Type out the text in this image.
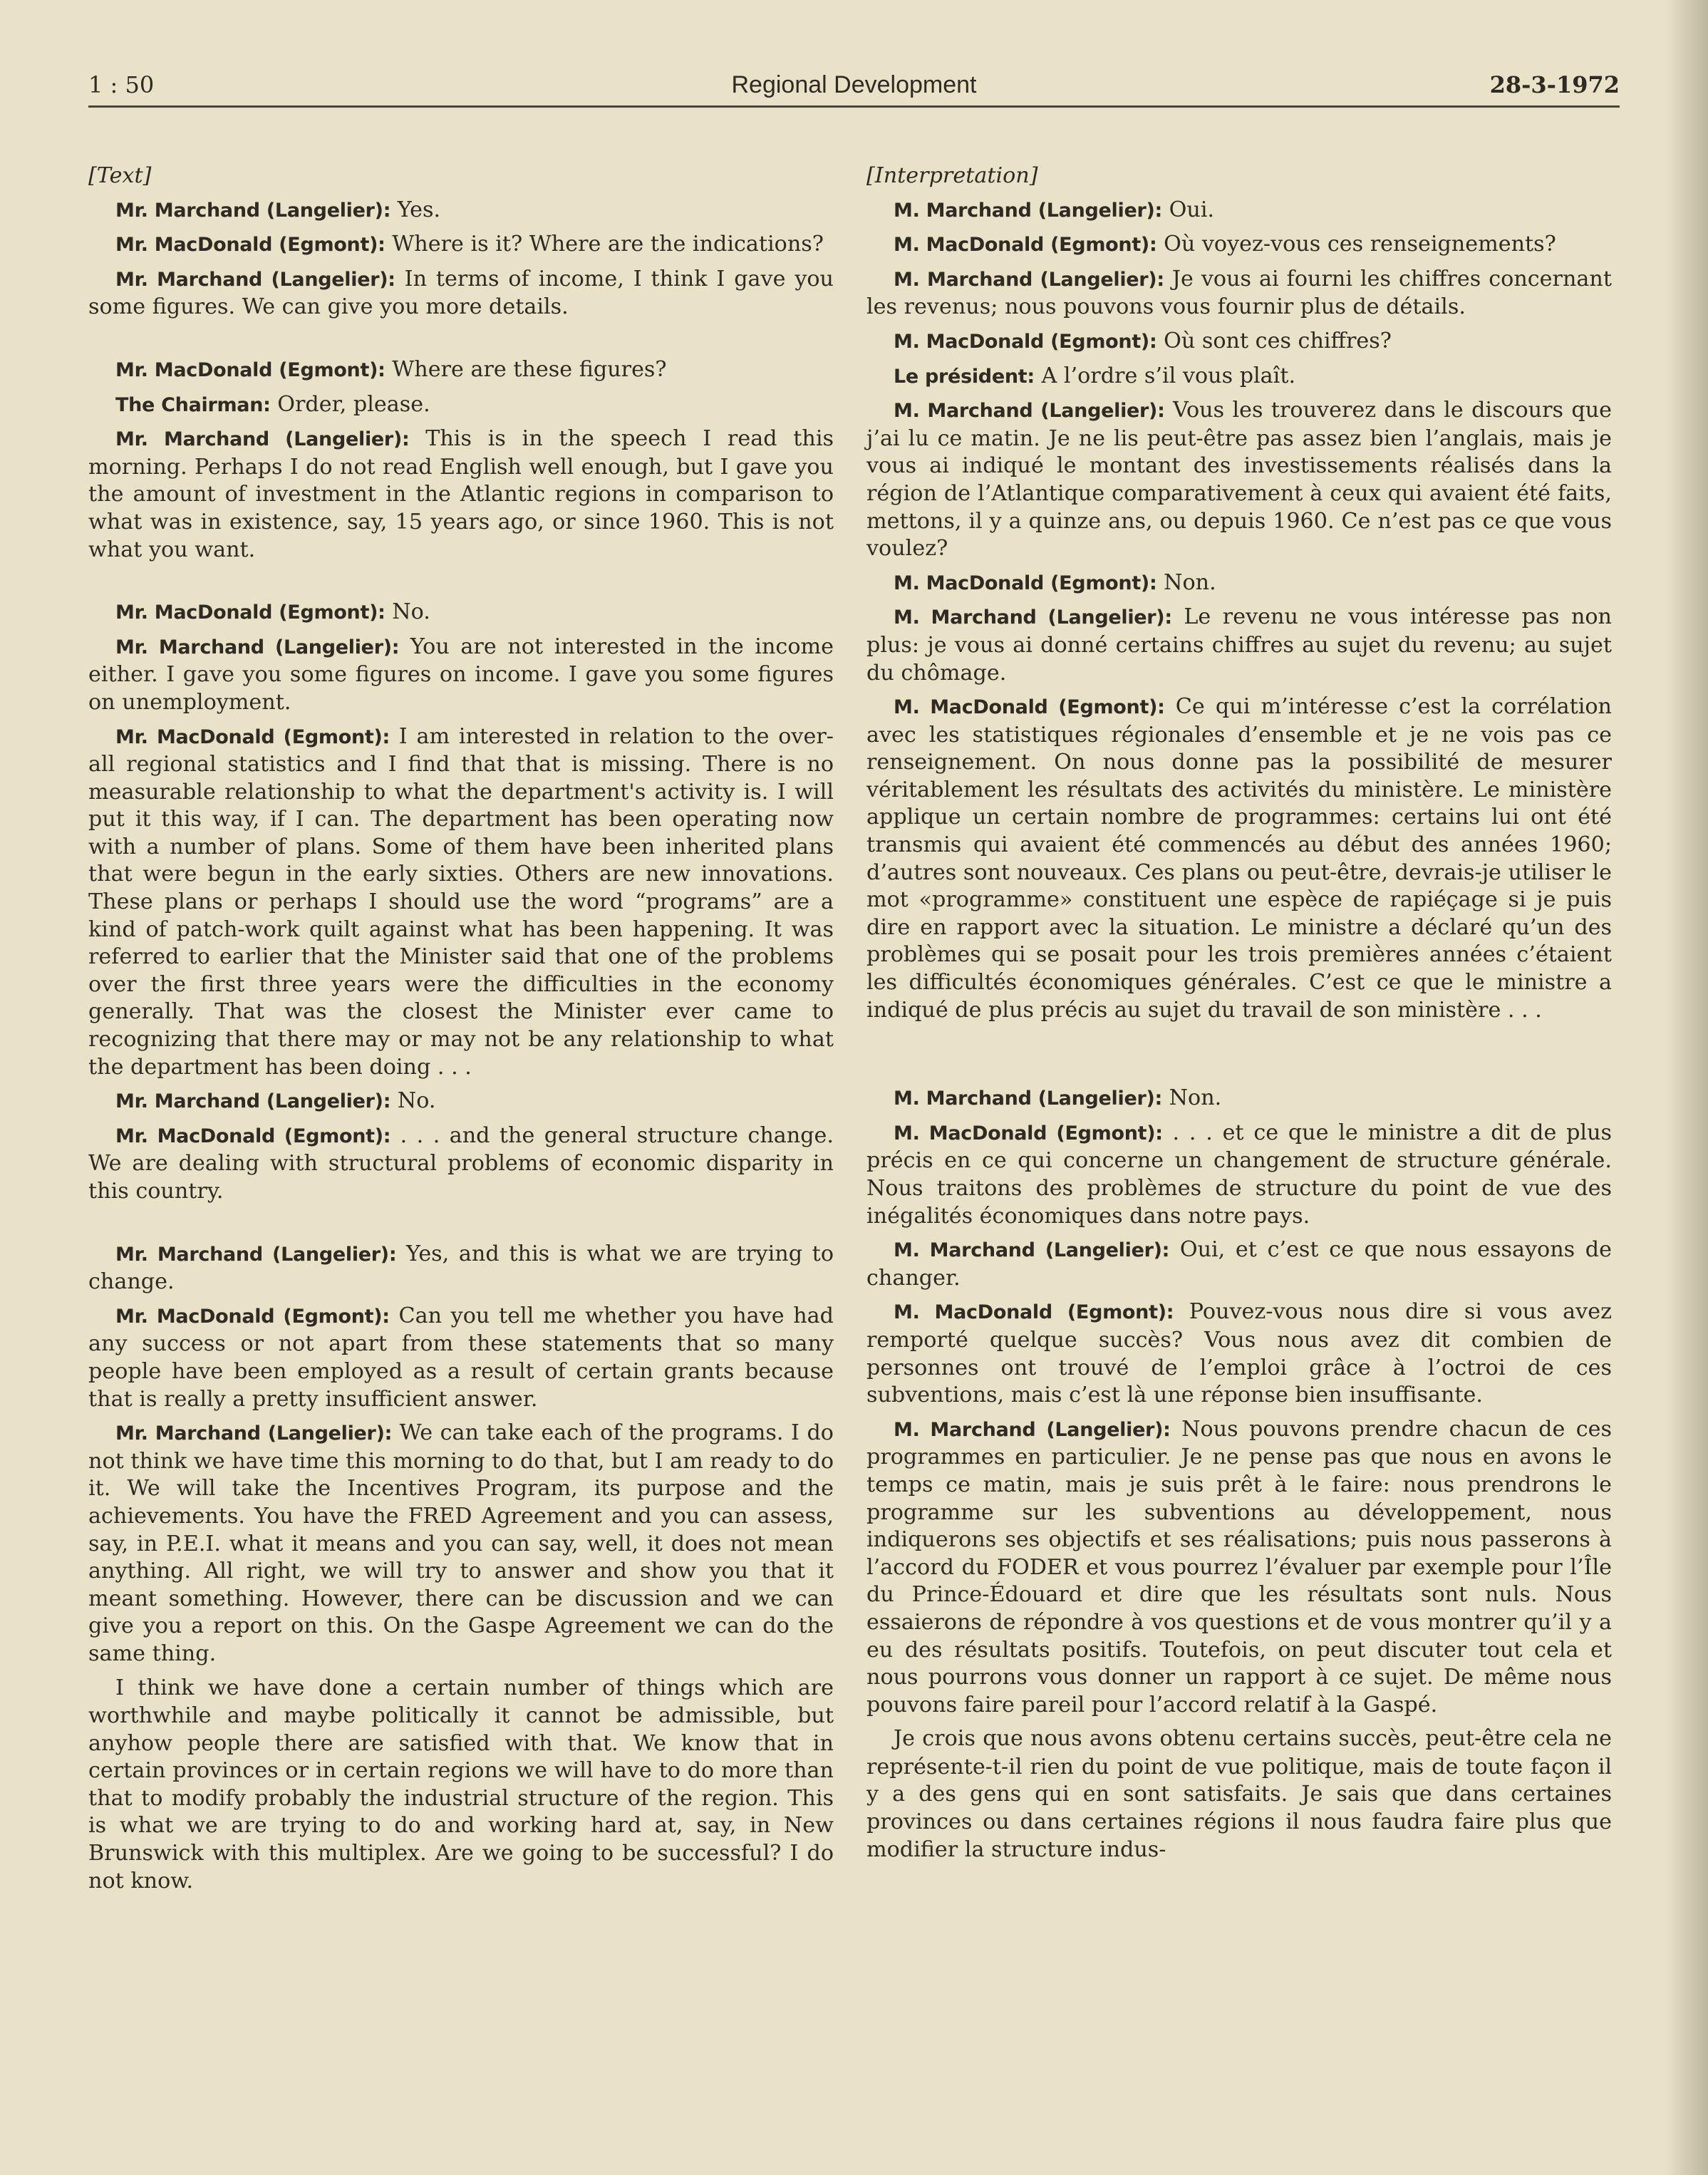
1 : 50	Regional Development	28-3-1972

[Text]

Mr. Marchand (Langelier): Yes.

Mr. MacDonald (Egmont): Where is it? Where are the indications?

Mr. Marchand (Langelier): In terms of income, I think I gave you some figures. We can give you more details.

Mr. MacDonald (Egmont): Where are these figures?

The Chairman: Order, please.

Mr. Marchand (Langelier): This is in the speech I read this morning. Perhaps I do not read English well enough, but I gave you the amount of investment in the Atlantic regions in comparison to what was in existence, say, 15 years ago, or since 1960. This is not what you want.

Mr. MacDonald (Egmont): No.

Mr. Marchand (Langelier): You are not interested in the income either. I gave you some figures on income. I gave you some figures on unemployment.

Mr. MacDonald (Egmont): I am interested in relation to the over-all regional statistics and I find that that is missing. There is no measurable relationship to what the department's activity is. I will put it this way, if I can. The department has been operating now with a number of plans. Some of them have been inherited plans that were begun in the early sixties. Others are new innovations. These plans or perhaps I should use the word “programs” are a kind of patch-work quilt against what has been happening. It was referred to earlier that the Minister said that one of the problems over the first three years were the difficulties in the economy generally. That was the closest the Minister ever came to recognizing that there may or may not be any relationship to what the department has been doing . . .

Mr. Marchand (Langelier): No.

Mr. MacDonald (Egmont): . . . and the general structure change. We are dealing with structural problems of economic disparity in this country.

Mr. Marchand (Langelier): Yes, and this is what we are trying to change.

Mr. MacDonald (Egmont): Can you tell me whether you have had any success or not apart from these statements that so many people have been employed as a result of certain grants because that is really a pretty insufficient answer.

Mr. Marchand (Langelier): We can take each of the programs. I do not think we have time this morning to do that, but I am ready to do it. We will take the Incentives Program, its purpose and the achievements. You have the FRED Agreement and you can assess, say, in P.E.I. what it means and you can say, well, it does not mean anything. All right, we will try to answer and show you that it meant something. However, there can be discussion and we can give you a report on this. On the Gaspe Agreement we can do the same thing.

I think we have done a certain number of things which are worthwhile and maybe politically it cannot be admissible, but anyhow people there are satisfied with that. We know that in certain provinces or in certain regions we will have to do more than that to modify probably the industrial structure of the region. This is what we are trying to do and working hard at, say, in New Brunswick with this multiplex. Are we going to be successful? I do not know.

[Interpretation]

M. Marchand (Langelier): Oui.

M. MacDonald (Egmont): Où voyez-vous ces renseignements?

M. Marchand (Langelier): Je vous ai fourni les chiffres concernant les revenus; nous pouvons vous fournir plus de détails.

M. MacDonald (Egmont): Où sont ces chiffres?

Le président: A l’ordre s’il vous plaît.

M. Marchand (Langelier): Vous les trouverez dans le discours que j’ai lu ce matin. Je ne lis peut-être pas assez bien l’anglais, mais je vous ai indiqué le montant des investissements réalisés dans la région de l’Atlantique comparativement à ceux qui avaient été faits, mettons, il y a quinze ans, ou depuis 1960. Ce n’est pas ce que vous voulez?

M. MacDonald (Egmont): Non.

M. Marchand (Langelier): Le revenu ne vous intéresse pas non plus: je vous ai donné certains chiffres au sujet du revenu; au sujet du chômage.

M. MacDonald (Egmont): Ce qui m’intéresse c’est la corrélation avec les statistiques régionales d’ensemble et je ne vois pas ce renseignement. On nous donne pas la possibilité de mesurer véritablement les résultats des activités du ministère. Le ministère applique un certain nombre de programmes: certains lui ont été transmis qui avaient été commencés au début des années 1960; d’autres sont nouveaux. Ces plans ou peut-être, devrais-je utiliser le mot «programme» constituent une espèce de rapiéçage si je puis dire en rapport avec la situation. Le ministre a déclaré qu’un des problèmes qui se posait pour les trois premières années c’étaient les difficultés économiques générales. C’est ce que le ministre a indiqué de plus précis au sujet du travail de son ministère . . .

M. Marchand (Langelier): Non.

M. MacDonald (Egmont): . . . et ce que le ministre a dit de plus précis en ce qui concerne un changement de structure générale. Nous traitons des problèmes de structure du point de vue des inégalités économiques dans notre pays.

M. Marchand (Langelier): Oui, et c’est ce que nous essayons de changer.

M. MacDonald (Egmont): Pouvez-vous nous dire si vous avez remporté quelque succès? Vous nous avez dit combien de personnes ont trouvé de l’emploi grâce à l’octroi de ces subventions, mais c’est là une réponse bien insuffisante.

M. Marchand (Langelier): Nous pouvons prendre chacun de ces programmes en particulier. Je ne pense pas que nous en avons le temps ce matin, mais je suis prêt à le faire: nous prendrons le programme sur les subventions au développement, nous indiquerons ses objectifs et ses réalisations; puis nous passerons à l’accord du FODER et vous pourrez l’évaluer par exemple pour l’Île du Prince-Édouard et dire que les résultats sont nuls. Nous essaierons de répondre à vos questions et de vous montrer qu’il y a eu des résultats positifs. Toutefois, on peut discuter tout cela et nous pourrons vous donner un rapport à ce sujet. De même nous pouvons faire pareil pour l’accord relatif à la Gaspé.

Je crois que nous avons obtenu certains succès, peut-être cela ne représente-t-il rien du point de vue politique, mais de toute façon il y a des gens qui en sont satisfaits. Je sais que dans certaines provinces ou dans certaines régions il nous faudra faire plus que modifier la structure indus-
